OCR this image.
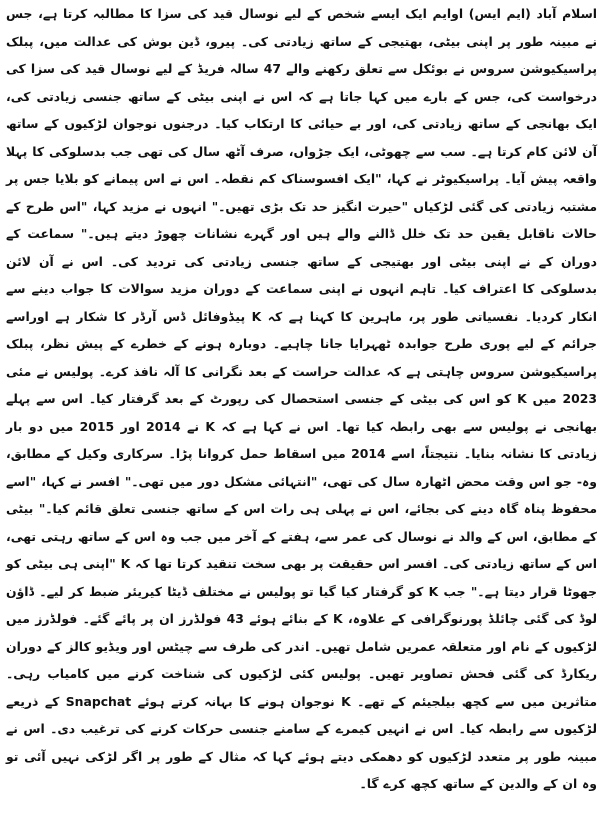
اسلام آباد (ایم ایس) اوایم ایک ایسے شخص کے لیے نوسال قید کی سزا کا مطالبہ کرتا ہے، جس نے مبینہ طور پر اپنی بیٹی، بھتیجی کے ساتھ زیادتی کی۔ پیرو، ڈین بوش کی عدالت میں، پبلک پراسیکیوشن سروس نے بوئکل سے تعلق رکھنے والے 47 سالہ فریڈ کے لیے نوسال قید کی سزا کی درخواست کی، جس کے بارے میں کہا جاتا ہے کہ اس نے اپنی بیٹی کے ساتھ جنسی زیادتی کی، ایک بھانجی کے ساتھ زیادتی کی، اور بے حیائی کا ارتکاب کیا۔ درجنوں نوجوان لڑکیوں کے ساتھ آن لائن کام کرتا ہے۔ سب سے چھوٹی، ایک جڑواں، صرف آٹھ سال کی تھی جب بدسلوکی کا پہلا واقعہ پیش آیا۔ پراسیکیوٹر نے کہا، "ایک افسوسناک کم نقطہ۔ اس نے اس پیمانے کو بلایا جس پر مشتبہ زیادتی کی گئی لڑکیاں "حیرت انگیز حد تک بڑی تھیں۔" انہوں نے مزید کہا، "اس طرح کے حالات ناقابل یقین حد تک خلل ڈالنے والے ہیں اور گہرے نشانات چھوڑ دیتے ہیں۔" سماعت کے دوران کے نے اپنی بیٹی اور بھتیجی کے ساتھ جنسی زیادتی کی تردید کی۔ اس نے آن لائن بدسلوکی کا اعتراف کیا۔ تاہم انہوں نے اپنی سماعت کے دوران مزید سوالات کا جواب دینے سے انکار کردیا۔ نفسیاتی طور پر، ماہرین کا کہنا ہے کہ K پیڈوفائل ڈس آرڈر کا شکار ہے اوراسے جرائم کے لیے پوری طرح جوابدہ ٹھہرایا جانا چاہیے۔ دوبارہ ہونے کے خطرے کے پیش نظر، پبلک پراسیکیوشن سروس چاہتی ہے کہ عدالت حراست کے بعد نگرانی کا آلہ نافذ کرے۔ پولیس نے مئی 2023 میں K کو اس کی بیٹی کے جنسی استحصال کی رپورٹ کے بعد گرفتار کیا۔ اس سے پہلے بھانجی نے پولیس سے بھی رابطہ کیا تھا۔ اس نے کہا ہے کہ K نے 2014 اور 2015 میں دو بار زیادتی کا نشانہ بنایا۔ نتیجتاً، اسے 2014 میں اسقاط حمل کروانا پڑا۔ سرکاری وکیل کے مطابق، وہ- جو اس وقت محض اٹھارہ سال کی تھی، "انتہائی مشکل دور میں تھی۔" افسر نے کہا، "اسے محفوظ پناہ گاہ دینے کی بجائے، اس نے پہلی ہی رات اس کے ساتھ جنسی تعلق قائم کیا۔" بیٹی کے مطابق، اس کے والد نے نوسال کی عمر سے، ہفتے کے آخر میں جب وہ اس کے ساتھ رہتی تھی، اس کے ساتھ زیادتی کی۔ افسر اس حقیقت پر بھی سخت تنقید کرتا تھا کہ K "اپنی ہی بیٹی کو جھوٹا قرار دیتا ہے۔" جب K کو گرفتار کیا گیا تو پولیس نے مختلف ڈیٹا کیریئر ضبط کر لیے۔ ڈاؤن لوڈ کی گئی چائلڈ پورنوگرافی کے علاوہ، K کے بنائے ہوئے 43 فولڈرز ان پر پائے گئے۔ فولڈرز میں لڑکیوں کے نام اور متعلقہ عمریں شامل تھیں۔ اندر کی طرف سے چیٹس اور ویڈیو کالز کے دوران ریکارڈ کی گئی فحش تصاویر تھیں۔ پولیس کئی لڑکیوں کی شناخت کرنے میں کامیاب رہی۔ متاثرین میں سے کچھ بیلجیئم کے تھے۔ K نوجوان ہونے کا بہانہ کرتے ہوئے Snapchat کے ذریعے لڑکیوں سے رابطہ کیا۔ اس نے انہیں کیمرے کے سامنے جنسی حرکات کرنے کی ترغیب دی۔ اس نے مبینہ طور پر متعدد لڑکیوں کو دھمکی دیتے ہوئے کہا کہ مثال کے طور پر اگر لڑکی نہیں آئی تو وہ ان کے والدین کے ساتھ کچھ کرے گا۔
